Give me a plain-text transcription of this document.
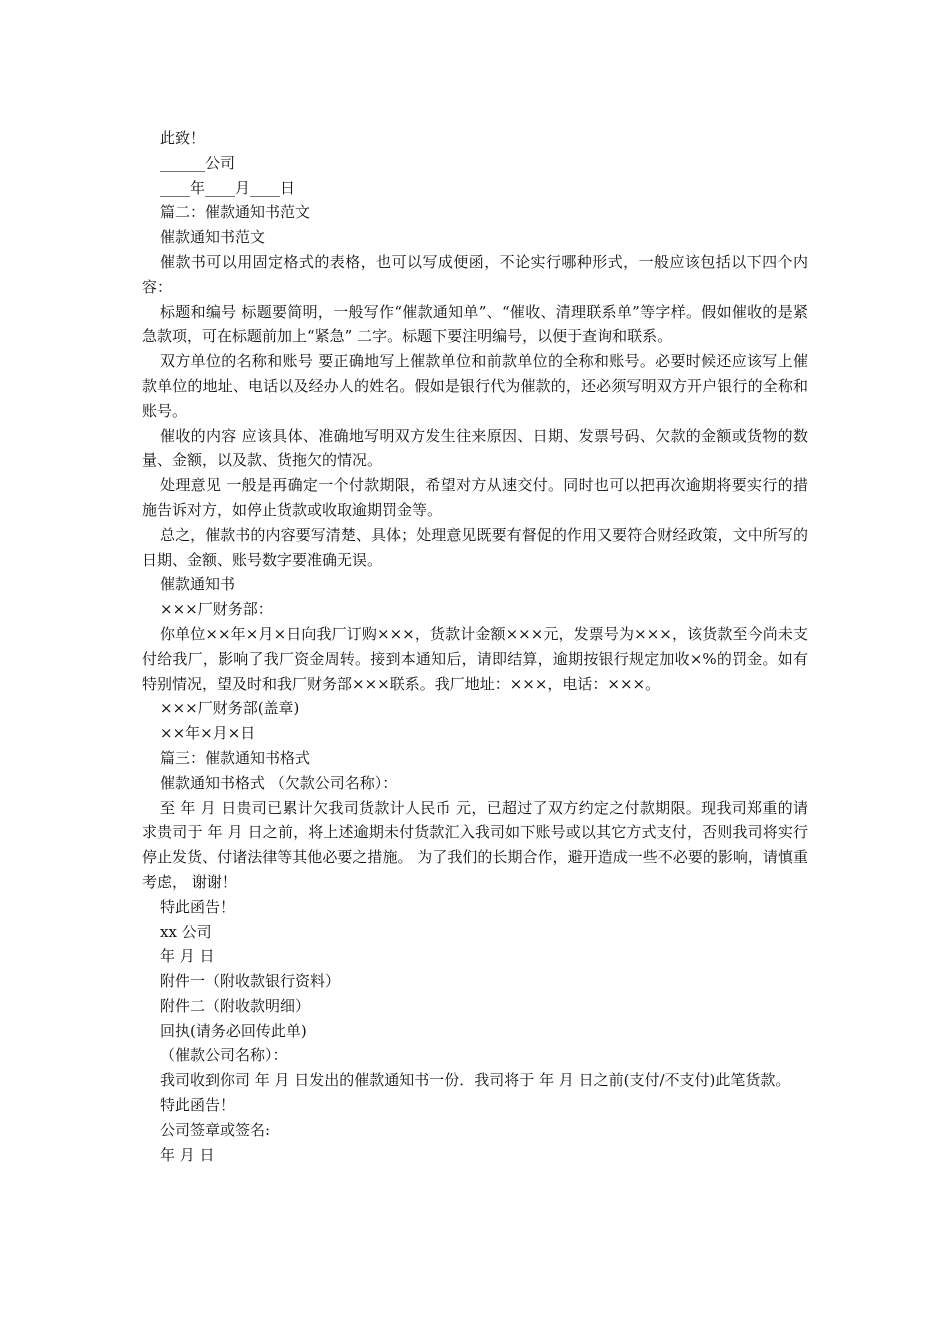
此致！

______公司

____年____月____日

篇二：催款通知书范文

催款通知书范文

催款书可以用固定格式的表格，也可以写成便函，不论实行哪种形式，一般应该包括以下四个内容：

标题和编号 标题要简明，一般写作“催款通知单”、“催收、清理联系单”等字样。假如催收的是紧急款项，可在标题前加上“紧急” 二字。标题下要注明编号，以便于查询和联系。

双方单位的名称和账号 要正确地写上催款单位和前款单位的全称和账号。必要时候还应该写上催款单位的地址、电话以及经办人的姓名。假如是银行代为催款的，还必须写明双方开户银行的全称和账号。

催收的内容 应该具体、准确地写明双方发生往来原因、日期、发票号码、欠款的金额或货物的数量、金额，以及款、货拖欠的情况。

处理意见 一般是再确定一个付款期限，希望对方从速交付。同时也可以把再次逾期将要实行的措施告诉对方，如停止货款或收取逾期罚金等。

总之，催款书的内容要写清楚、具体；处理意见既要有督促的作用又要符合财经政策，文中所写的日期、金额、账号数字要准确无误。

催款通知书

×××厂财务部：

你单位××年×月×日向我厂订购×××，货款计金额×××元，发票号为×××，该货款至今尚未支付给我厂，影响了我厂资金周转。接到本通知后，请即结算，逾期按银行规定加收×%的罚金。如有特别情况，望及时和我厂财务部×××联系。我厂地址：×××，电话：×××。

×××厂财务部(盖章)

××年×月×日

篇三：催款通知书格式

催款通知书格式 （欠款公司名称）：

至 年 月 日贵司已累计欠我司货款计人民币 元，已超过了双方约定之付款期限。现我司郑重的请求贵司于 年 月 日之前，将上述逾期未付货款汇入我司如下账号或以其它方式支付，否则我司将实行停止发货、付诸法律等其他必要之措施。 为了我们的长期合作，避开造成一些不必要的影响，请慎重考虑， 谢谢！

特此函告！

xx 公司

年 月 日

附件一（附收款银行资料）

附件二（附收款明细）

回执(请务必回传此单)

（催款公司名称）：

我司收到你司 年 月 日发出的催款通知书一份．我司将于 年 月 日之前(支付/不支付)此笔货款。

特此函告！

公司签章或签名:

年 月 日
